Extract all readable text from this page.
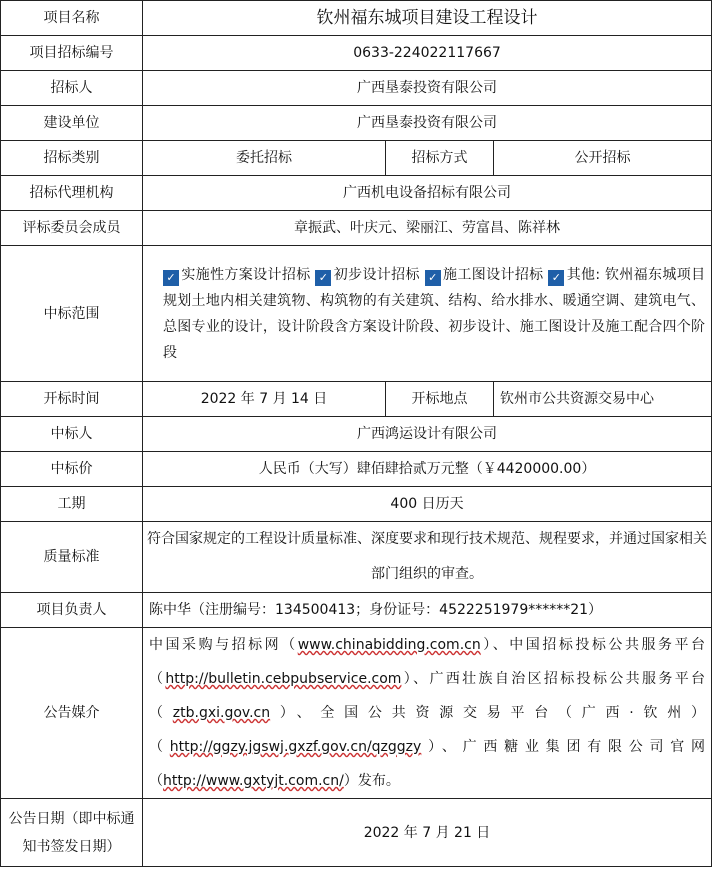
项目名称	钦州福东城项目建设工程设计		
项目招标编号	0633-224022117667		
招标人	广西垦泰投资有限公司		
建设单位	广西垦泰投资有限公司		
招标类别	委托招标	招标方式	公开招标
招标代理机构	广西机电设备招标有限公司		
评标委员会成员	章振武、叶庆元、梁丽江、劳富昌、陈祥林		
中标范围	✓ 实施性方案设计招标 ✓ 初步设计招标 ✓ 施工图设计招标 ✓ 其他: 钦州福东城项目规划土地内相关建筑物、构筑物的有关建筑、结构、给水排水、暖通空调、建筑电气、总图专业的设计，设计阶段含方案设计阶段、初步设计、施工图设计及施工配合四个阶段		
开标时间	2022 年 7 月 14 日	开标地点	钦州市公共资源交易中心
中标人	广西鸿运设计有限公司		
中标价	人民币（大写）肆佰肆拾贰万元整（￥4420000.00）		
工期	400 日历天		
质量标准	符合国家规定的工程设计质量标准、深度要求和现行技术规范、规程要求，并通过国家相关部门组织的审查。		
项目负责人	陈中华（注册编号：134500413；身份证号：4522251979******21）		
公告媒介	中国采购与招标网（www.chinabidding.com.cn）、中国招标投标公共服务平台（http://bulletin.cebpubservice.com）、广西壮族自治区招标投标公共服务平台（ztb.gxi.gov.cn）、全国公共资源交易平台（广西·钦州）（http://ggzy.jgswj.gxzf.gov.cn/qzggzy）、广西糖业集团有限公司官网（http://www.gxtyjt.com.cn/）发布。		
公告日期（即中标通知书签发日期）	2022 年 7 月 21 日		
